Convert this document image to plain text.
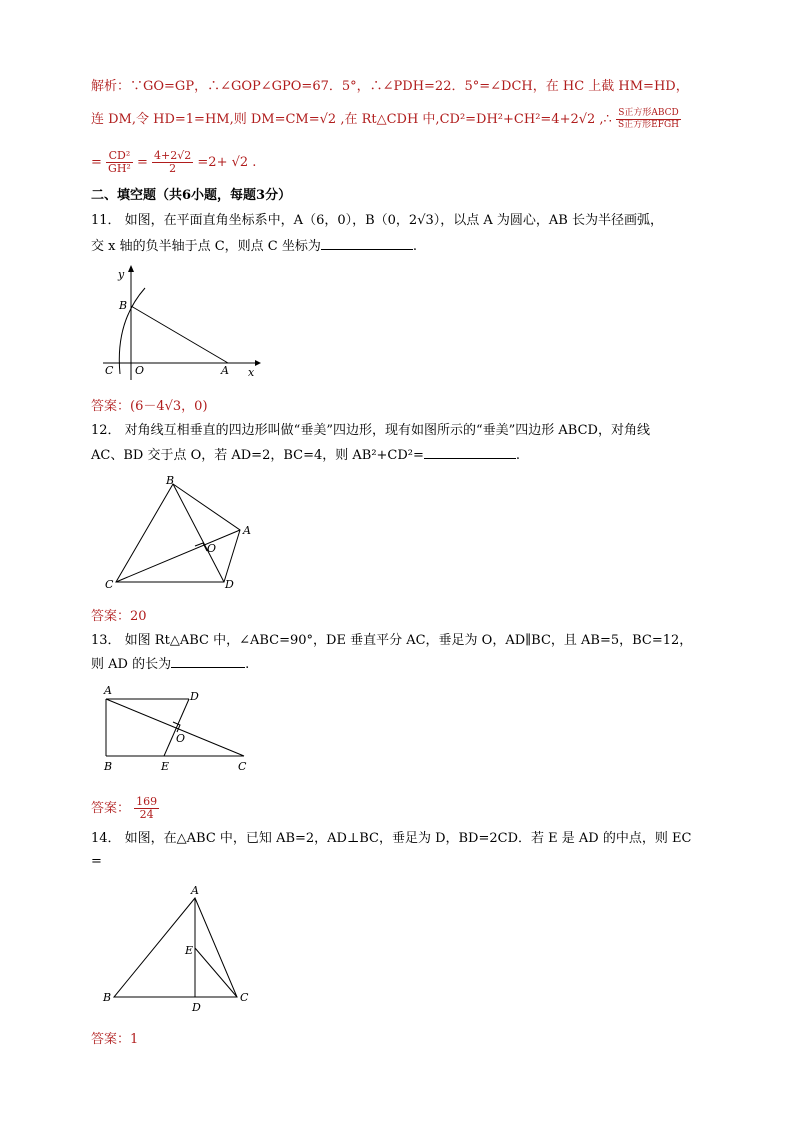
解析：∵GO=GP，∴∠GOP∠GPO=67．5°，∴∠PDH=22．5°=∠DCH，在 HC 上截 HM=HD，
连 DM,令 HD=1=HM,则 DM=CM=√2 ,在 Rt△CDH 中,CD²=DH²+CH²=4+2√2 ,∴ $\frac{\text{S正方形ABCD}}{\text{S正方形EFGH}}$
= $\frac{\text{CD²}}{\text{GH²}} = \frac{4+2√2}{2} =2+ √2$ .
二、填空题（共6小题，每题3分）
11． 如图，在平面直角坐标系中，A（6，0），B（0，2√3），以点 A 为圆心，AB 长为半径画弧，
交 x 轴的负半轴于点 C，则点 C 坐标为	.
y
B
C O	A x
答案：(6－4√3，0)
12． 对角线互相垂直的四边形叫做“垂美”四边形，现有如图所示的“垂美”四边形 ABCD，对角线
AC、BD 交于点 O，若 AD=2，BC=4，则 AB²+CD²=	.
B
A
O
C	D
答案：20
13． 如图 Rt△ABC 中，∠ABC=90°，DE 垂直平分 AC，垂足为 O，AD∥BC，且 AB=5，BC=12，
则 AD 的长为	.
A	D
O
B	E	C
答案： $\frac{169}{24}$
14． 如图，在△ABC 中，已知 AB=2，AD⊥BC，垂足为 D，BD=2CD．若 E 是 AD 的中点，则 EC
=
A
E
B
D
C
答案：1
